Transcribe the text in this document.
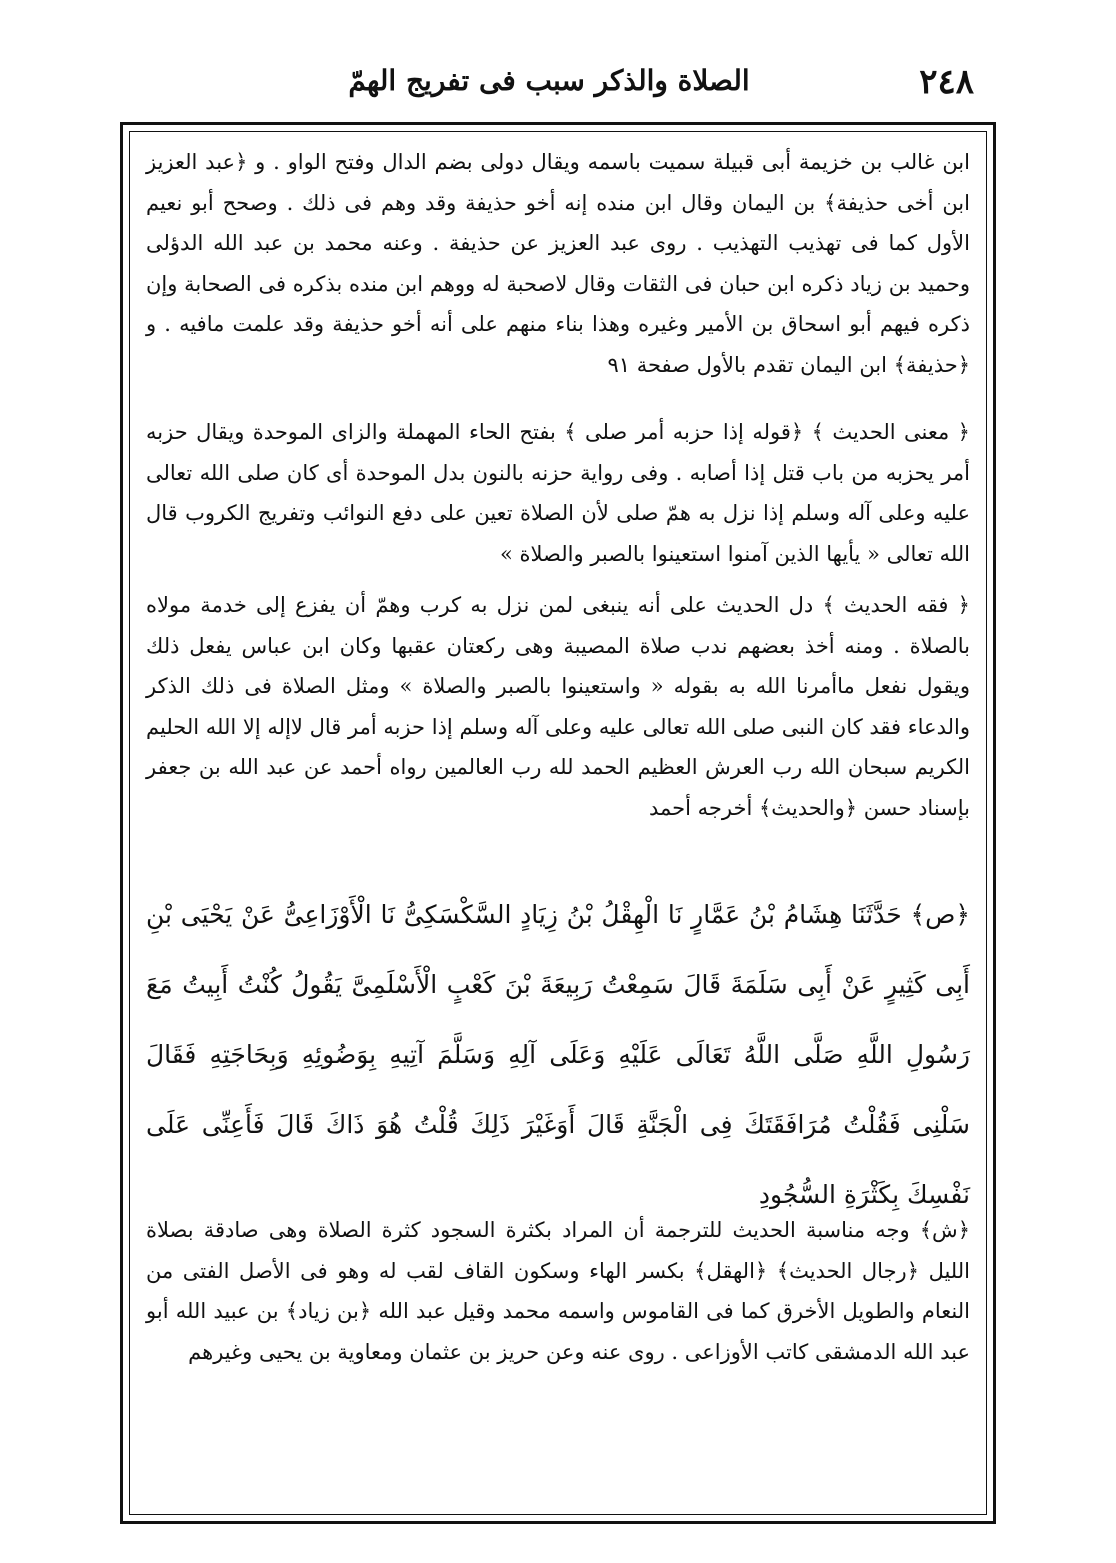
٢٤٨
الصلاة والذكر سبب فى تفريج الهمّ

ابن غالب بن خزيمة أبى قبيلة سميت باسمه ويقال دولى بضم الدال وفتح الواو . و ﴿عبد العزيز ابن أخى حذيفة﴾ بن اليمان وقال ابن منده إنه أخو حذيفة وقد وهم فى ذلك . وصحح أبو نعيم الأول كما فى تهذيب التهذيب . روى عبد العزيز عن حذيفة . وعنه محمد بن عبد الله الدؤلى وحميد بن زياد ذكره ابن حبان فى الثقات وقال لاصحبة له ووهم ابن منده بذكره فى الصحابة وإن ذكره فيهم أبو اسحاق بن الأمير وغيره وهذا بناء منهم على أنه أخو حذيفة وقد علمت مافيه . و ﴿حذيفة﴾ ابن اليمان تقدم بالأول صفحة ٩١

﴿ معنى الحديث ﴾ ﴿قوله إذا حزبه أمر صلى ﴾ بفتح الحاء المهملة والزاى الموحدة ويقال حزبه أمر يحزبه من باب قتل إذا أصابه . وفى رواية حزنه بالنون بدل الموحدة أى كان صلى الله تعالى عليه وعلى آله وسلم إذا نزل به همّ صلى لأن الصلاة تعين على دفع النوائب وتفريج الكروب قال الله تعالى « يأيها الذين آمنوا استعينوا بالصبر والصلاة »

﴿ فقه الحديث ﴾ دل الحديث على أنه ينبغى لمن نزل به كرب وهمّ أن يفزع إلى خدمة مولاه بالصلاة . ومنه أخذ بعضهم ندب صلاة المصيبة وهى ركعتان عقبها وكان ابن عباس يفعل ذلك ويقول نفعل ماأمرنا الله به بقوله « واستعينوا بالصبر والصلاة » ومثل الصلاة فى ذلك الذكر والدعاء فقد كان النبى صلى الله تعالى عليه وعلى آله وسلم إذا حزبه أمر قال لاإله إلا الله الحليم الكريم سبحان الله رب العرش العظيم الحمد لله رب العالمين رواه أحمد عن عبد الله بن جعفر بإسناد حسن ﴿والحديث﴾ أخرجه أحمد

﴿ص﴾ حَدَّثَنَا هِشَامُ بْنُ عَمَّارٍ نَا الْهِقْلُ بْنُ زِيَادٍ السَّكْسَكِىُّ نَا الْأَوْزَاعِىُّ عَنْ يَحْيَى بْنِ أَبِى كَثِيرٍ عَنْ أَبِى سَلَمَةَ قَالَ سَمِعْتُ رَبِيعَةَ بْنَ كَعْبٍ الْأَسْلَمِىَّ يَقُولُ كُنْتُ أَبِيتُ مَعَ رَسُولِ اللَّهِ صَلَّى اللَّهُ تَعَالَى عَلَيْهِ وَعَلَى آلِهِ وَسَلَّمَ آتِيهِ بِوَضُوئِهِ وَبِحَاجَتِهِ فَقَالَ سَلْنِى فَقُلْتُ مُرَافَقَتَكَ فِى الْجَنَّةِ قَالَ أَوَغَيْرَ ذَلِكَ قُلْتُ هُوَ ذَاكَ قَالَ فَأَعِنِّى عَلَى نَفْسِكَ بِكَثْرَةِ السُّجُودِ

﴿ش﴾ وجه مناسبة الحديث للترجمة أن المراد بكثرة السجود كثرة الصلاة وهى صادقة بصلاة الليل ﴿رجال الحديث﴾ ﴿الهقل﴾ بكسر الهاء وسكون القاف لقب له وهو فى الأصل الفتى من النعام والطويل الأخرق كما فى القاموس واسمه محمد وقيل عبد الله ﴿بن زياد﴾ بن عبيد الله أبو عبد الله الدمشقى كاتب الأوزاعى . روى عنه وعن حريز بن عثمان ومعاوية بن يحيى وغيرهم
